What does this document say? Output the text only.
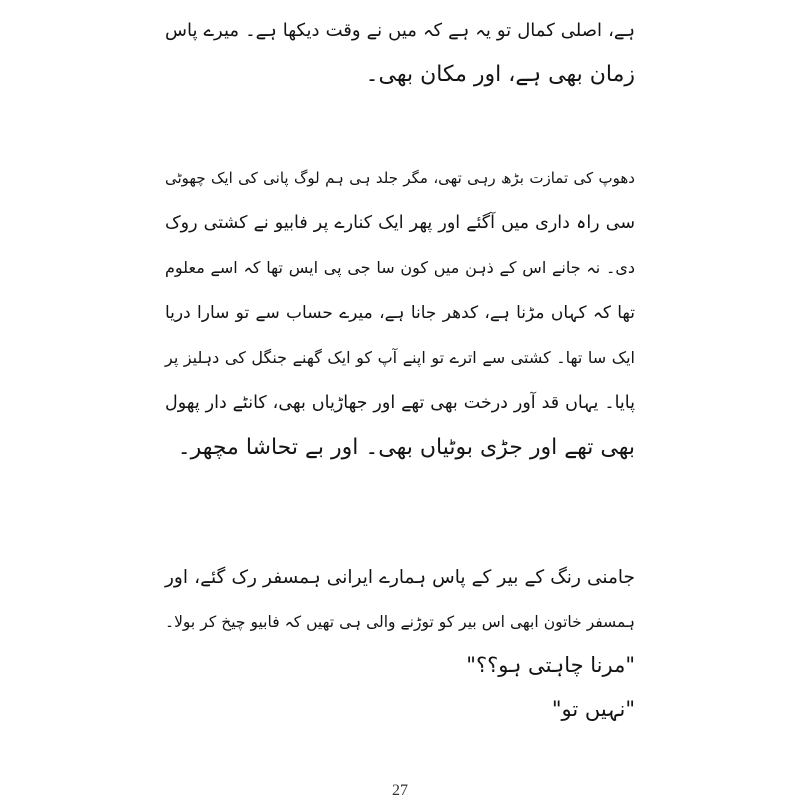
ہے، اصلی کمال تو یہ ہے کہ میں نے وقت دیکھا ہے۔ میرے پاس
زمان بھی ہے، اور مکان بھی۔
دھوپ کی تمازت بڑھ رہی تھی، مگر جلد ہی ہم لوگ پانی کی ایک چھوٹی
سی راہ داری میں آگئے اور پھر ایک کنارے پر فابیو نے کشتی روک
دی۔ نہ جانے اس کے ذہن میں کون سا جی پی ایس تھا کہ اسے معلوم
تھا کہ کہاں مڑنا ہے، کدھر جانا ہے، میرے حساب سے تو سارا دریا
ایک سا تھا۔ کشتی سے اترے تو اپنے آپ کو ایک گھنے جنگل کی دہلیز پر
پایا۔ یہاں قد آور درخت بھی تھے اور جھاڑیاں بھی، کانٹے دار پھول
بھی تھے اور جڑی بوٹیاں بھی۔ اور بے تحاشا مچھر۔
جامنی رنگ کے بیر کے پاس ہمارے ایرانی ہمسفر رک گئے، اور
ہمسفر خاتون ابھی اس بیر کو توڑنے والی ہی تھیں کہ فابیو چیخ کر بولا۔
"مرنا چاہتی ہو؟؟"
"نہیں تو"
27
